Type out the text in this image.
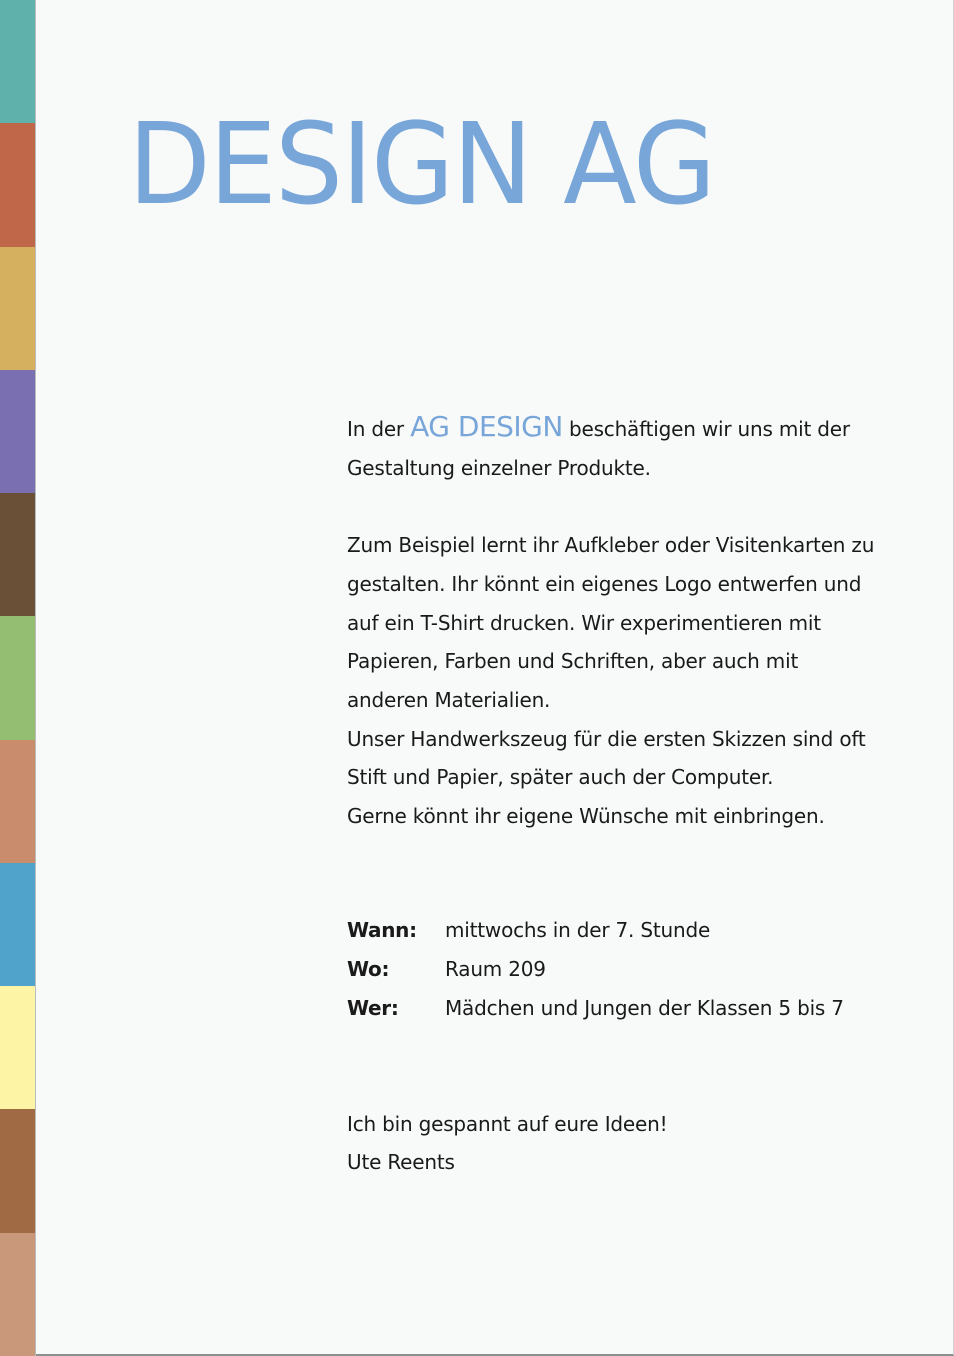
DESIGN AG

In der AG DESIGN beschäftigen wir uns mit der

Gestaltung einzelner Produkte.

Zum Beispiel lernt ihr Aufkleber oder Visitenkarten zu

gestalten. Ihr könnt ein eigenes Logo entwerfen und

auf ein T-Shirt drucken. Wir experimentieren mit

Papieren, Farben und Schriften, aber auch mit

anderen Materialien.

Unser Handwerkszeug für die ersten Skizzen sind oft

Stift und Papier, später auch der Computer.

Gerne könnt ihr eigene Wünsche mit einbringen.

Wann: mittwochs in der 7. Stunde
Wo:	Raum 209
Wer: Mädchen und Jungen der Klassen 5 bis 7

Ich bin gespannt auf eure Ideen!

Ute Reents
